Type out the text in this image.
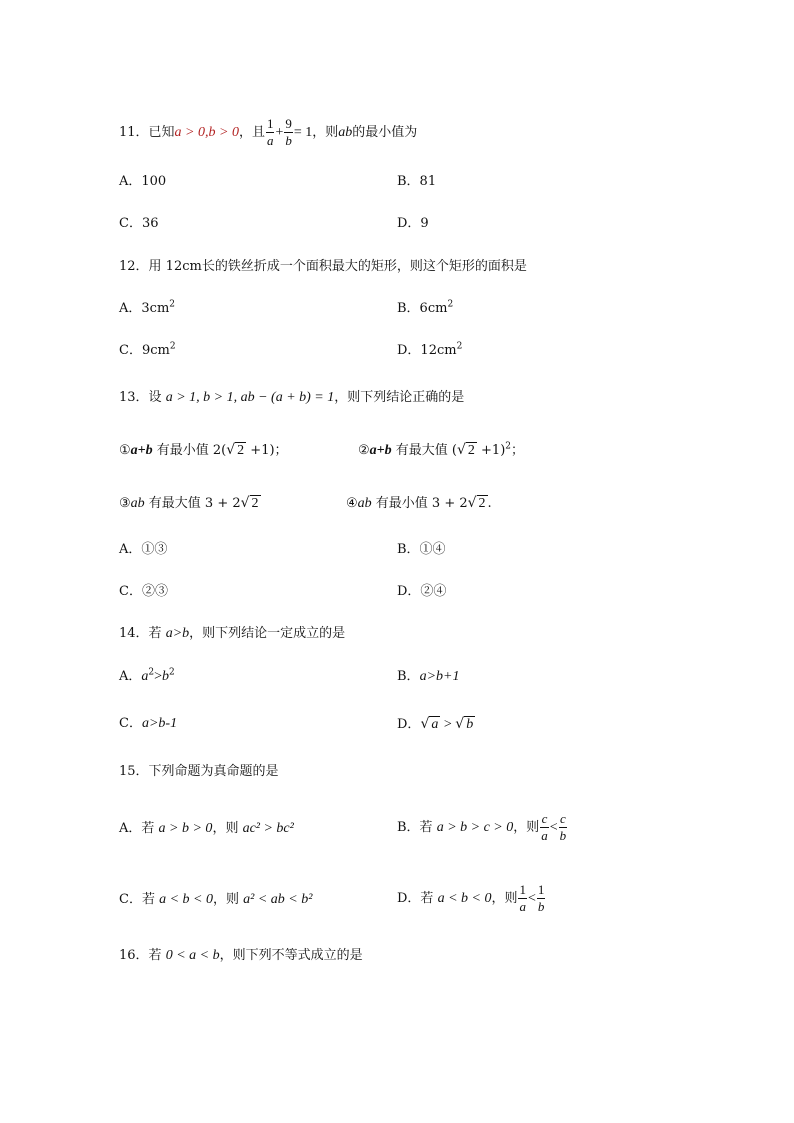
11．已知a > 0,b > 0，且 $\frac{1}{a} + \frac{9}{b} = 1$，则ab的最小值为
A．100	B．81
C．36	D．9
12．用 12cm长的铁丝折成一个面积最大的矩形，则这个矩形的面积是
A．$3cm^2$	B．$6cm^2$
C．$9cm^2$	D．$12cm^2$
13．设 a > 1, b > 1, ab − (a + b) = 1，则下列结论正确的是
①a+b 有最小值 2(√ 2 +1)；	②a+b 有最大值 (√ 2 +1)$^2$；
③ab 有最大值 3 + 2√ 2	④ab 有最小值 3 + 2√ 2 .
A．①③	B．①④
C．②③	D．②④
14．若 a>b，则下列结论一定成立的是
A．$a^2>b^2$	B．a>b+1
C．a>b-1	D．√ a > √ b
15．下列命题为真命题的是
A．若 a > b > 0，则 ac² > bc²	B．若 a > b > c > 0，则 $\frac{c}{a} < \frac{c}{b}$
C．若 a < b < 0，则 a² < ab < b²	D．若 a < b < 0，则 $\frac{1}{a} < \frac{1}{b}$
16．若 0 < a < b，则下列不等式成立的是
